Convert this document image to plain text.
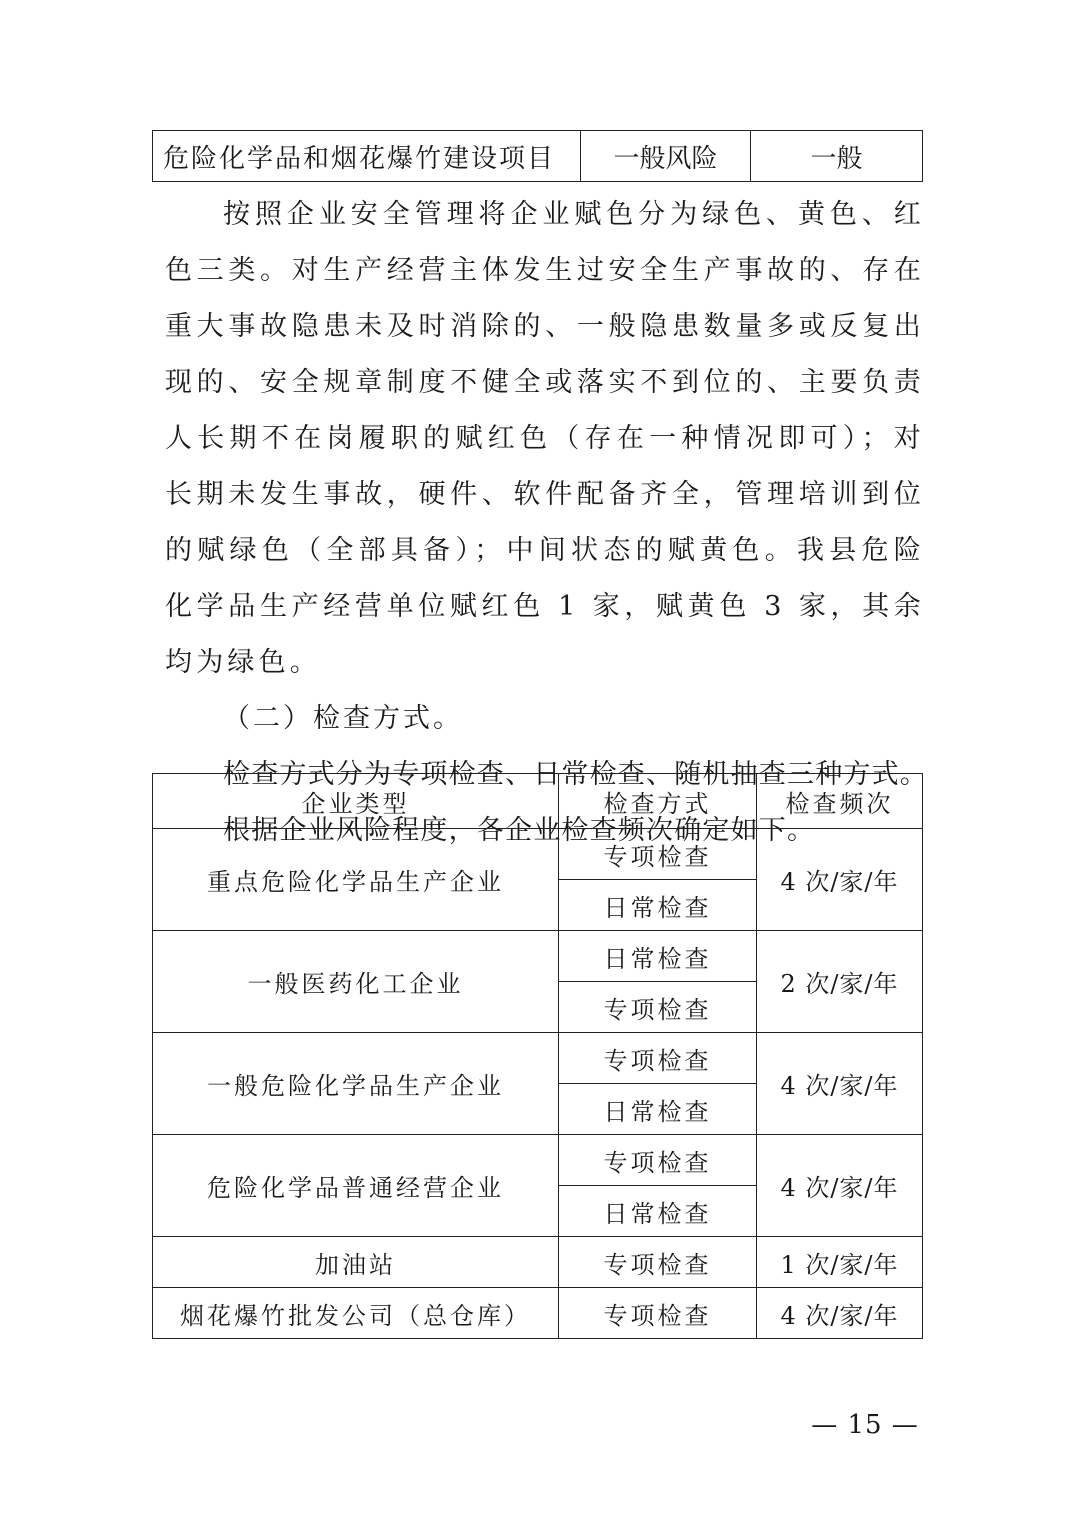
危险化学品和烟花爆竹建设项目	一般风险	一般

按照企业安全管理将企业赋色分为绿色、黄色、红色三类。对生产经营主体发生过安全生产事故的、存在重大事故隐患未及时消除的、一般隐患数量多或反复出现的、安全规章制度不健全或落实不到位的、主要负责人长期不在岗履职的赋红色（存在一种情况即可）；对长期未发生事故，硬件、软件配备齐全，管理培训到位的赋绿色（全部具备）；中间状态的赋黄色。我县危险化学品生产经营单位赋红色 1 家，赋黄色 3 家，其余均为绿色。

（二）检查方式。

检查方式分为专项检查、日常检查、随机抽查三种方式。

根据企业风险程度，各企业检查频次确定如下。

企业类型	检查方式	检查频次
重点危险化学品生产企业	专项检查	4 次/家/年
	日常检查	
一般医药化工企业	日常检查	2 次/家/年
	专项检查	
一般危险化学品生产企业	专项检查	4 次/家/年
	日常检查	
危险化学品普通经营企业	专项检查	4 次/家/年
	日常检查	
加油站	专项检查	1 次/家/年
烟花爆竹批发公司（总仓库）	专项检查	4 次/家/年
— 15 —
